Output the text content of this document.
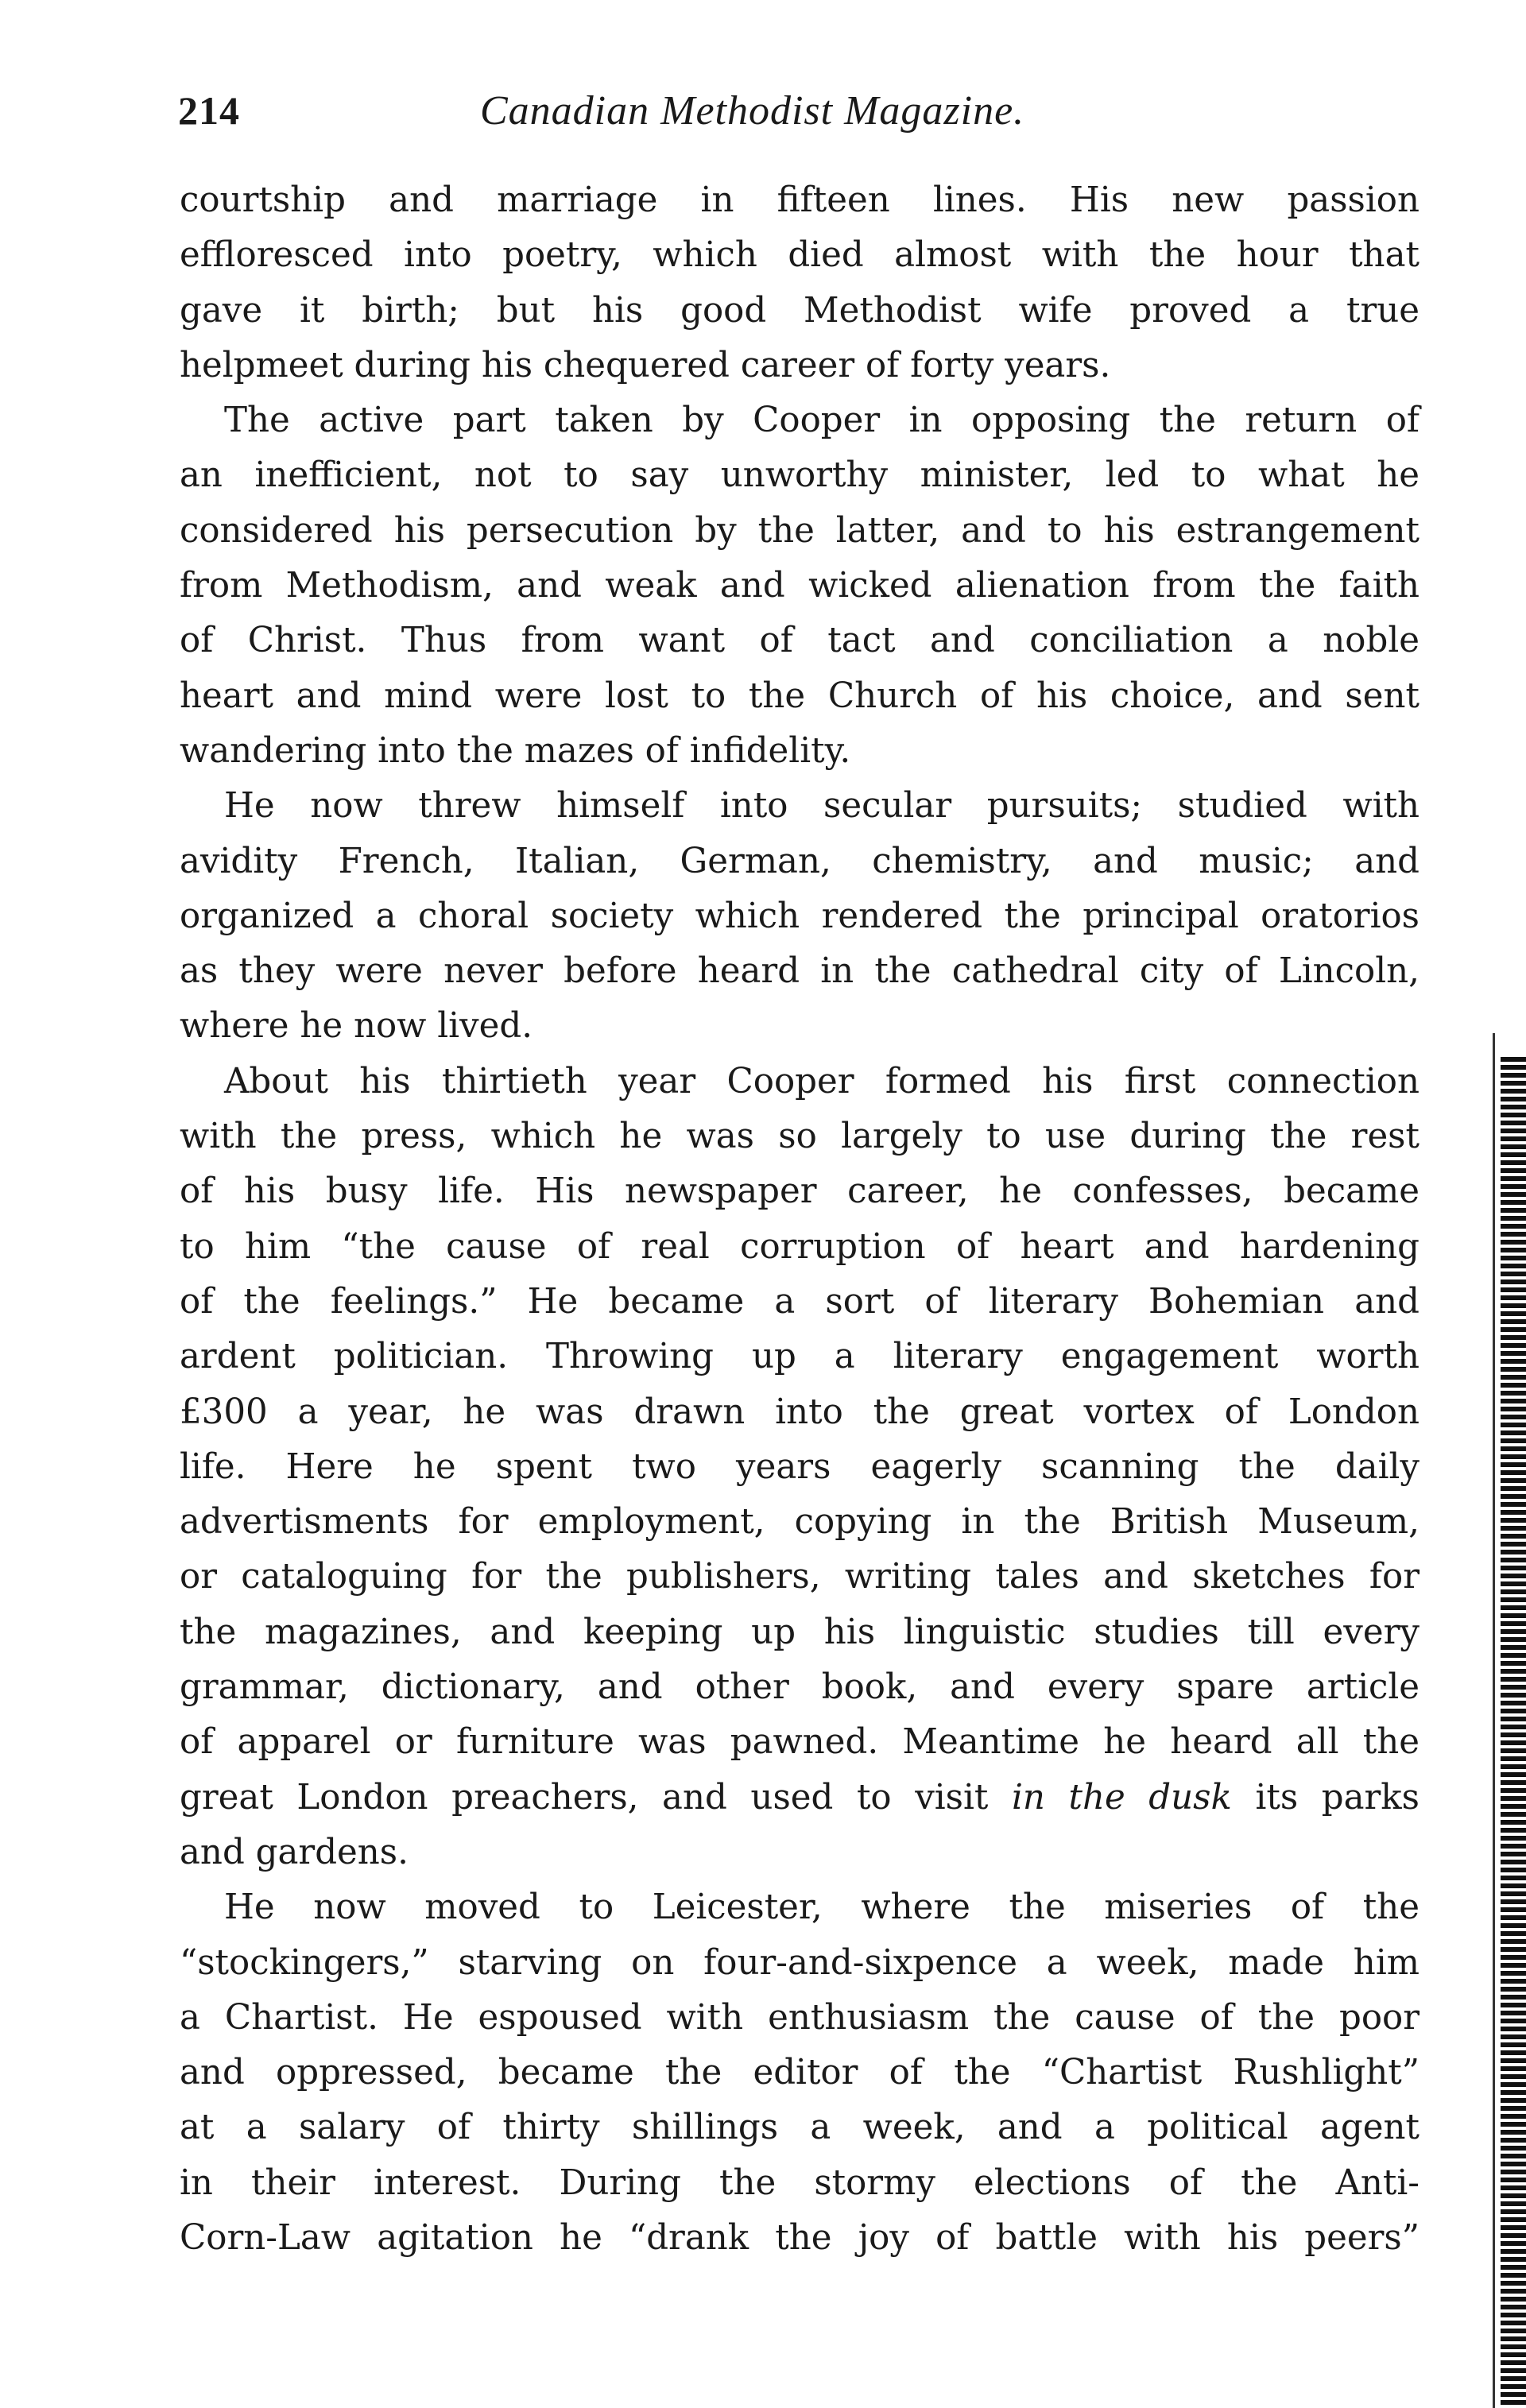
214	Canadian Methodist Magazine.

courtship and marriage in fifteen lines. His new passion
effloresced into poetry, which died almost with the hour that
gave it birth; but his good Methodist wife proved a true
helpmeet during his chequered career of forty years.

The active part taken by Cooper in opposing the return of
an inefficient, not to say unworthy minister, led to what he
considered his persecution by the latter, and to his estrangement
from Methodism, and weak and wicked alienation from the faith
of Christ. Thus from want of tact and conciliation a noble
heart and mind were lost to the Church of his choice, and sent
wandering into the mazes of infidelity.

He now threw himself into secular pursuits; studied with
avidity French, Italian, German, chemistry, and music; and
organized a choral society which rendered the principal oratorios
as they were never before heard in the cathedral city of Lincoln,
where he now lived.

About his thirtieth year Cooper formed his first connection
with the press, which he was so largely to use during the rest
of his busy life. His newspaper career, he confesses, became
to him “the cause of real corruption of heart and hardening
of the feelings.” He became a sort of literary Bohemian and
ardent politician. Throwing up a literary engagement worth
£300 a year, he was drawn into the great vortex of London
life. Here he spent two years eagerly scanning the daily
advertisments for employment, copying in the British Museum,
or cataloguing for the publishers, writing tales and sketches for
the magazines, and keeping up his linguistic studies till every
grammar, dictionary, and other book, and every spare article
of apparel or furniture was pawned. Meantime he heard all the
great London preachers, and used to visit in the dusk its parks
and gardens.

He now moved to Leicester, where the miseries of the
“stockingers,” starving on four-and-sixpence a week, made him
a Chartist. He espoused with enthusiasm the cause of the poor
and oppressed, became the editor of the “Chartist Rushlight”
at a salary of thirty shillings a week, and a political agent
in their interest. During the stormy elections of the Anti-
Corn-Law agitation he “drank the joy of battle with his peers”
